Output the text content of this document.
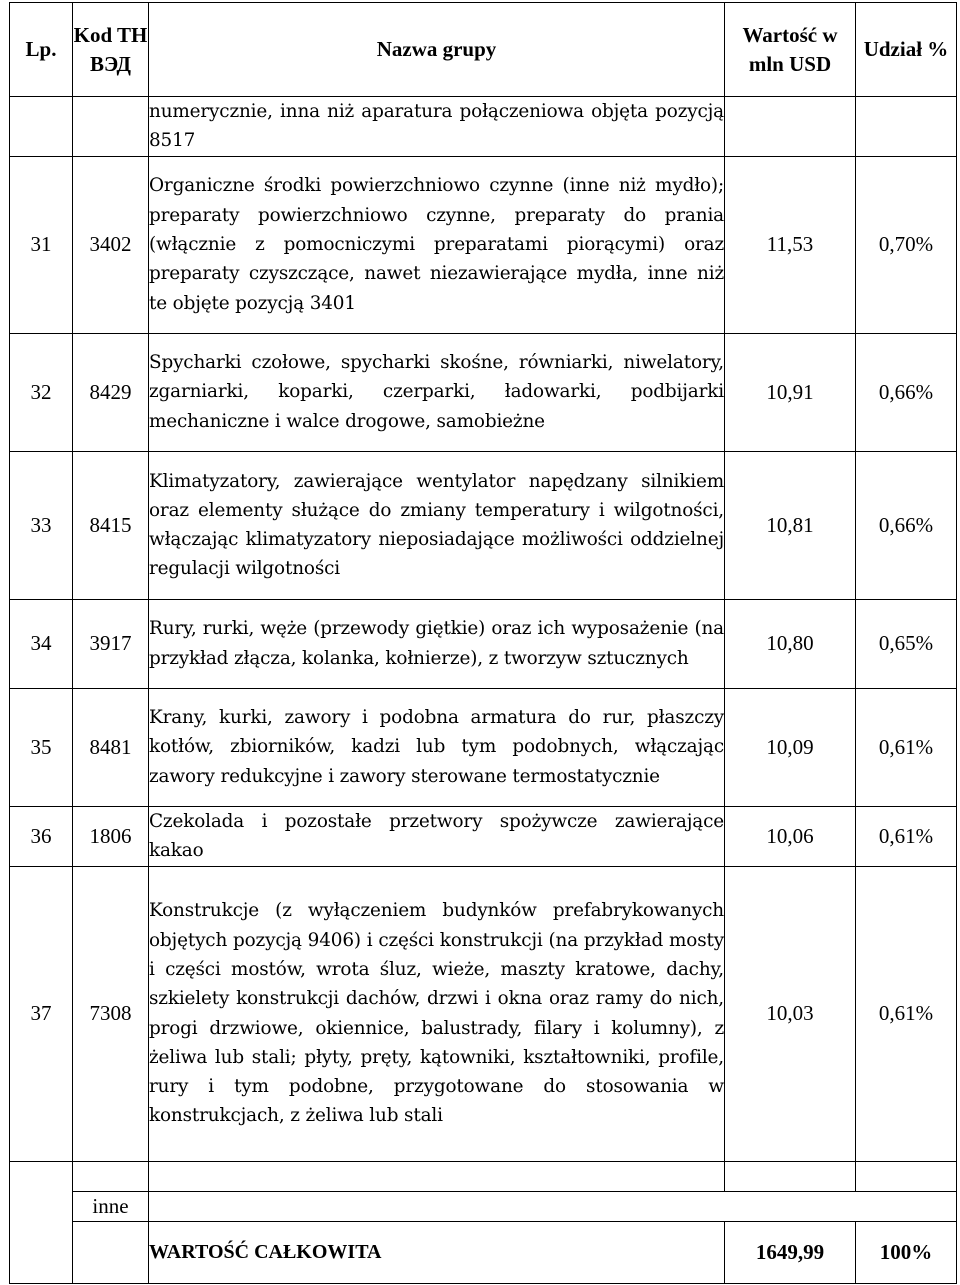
Lp.	Kod TH ВЭД	Nazwa grupy	Wartość w mln USD	Udział %
		numerycznie, inna niż aparatura połączeniowa objęta pozycją 8517		
31	3402	Organiczne środki powierzchniowo czynne (inne niż mydło); preparaty powierzchniowo czynne, preparaty do prania (włącznie z pomocniczymi preparatami piorącymi) oraz preparaty czyszczące, nawet niezawierające mydła, inne niż te objęte pozycją 3401	11,53	0,70%
32	8429	Spycharki czołowe, spycharki skośne, równiarki, niwelatory, zgarniarki, koparki, czerparki, ładowarki, podbijarki mechaniczne i walce drogowe, samobieżne	10,91	0,66%
33	8415	Klimatyzatory, zawierające wentylator napędzany silnikiem oraz elementy służące do zmiany temperatury i wilgotności, włączając klimatyzatory nieposiadające możliwości oddzielnej regulacji wilgotności	10,81	0,66%
34	3917	Rury, rurki, węże (przewody giętkie) oraz ich wyposażenie (na przykład złącza, kolanka, kołnierze), z tworzyw sztucznych	10,80	0,65%
35	8481	Krany, kurki, zawory i podobna armatura do rur, płaszczy kotłów, zbiorników, kadzi lub tym podobnych, włączając zawory redukcyjne i zawory sterowane termostatycznie	10,09	0,61%
36	1806	Czekolada i pozostałe przetwory spożywcze zawierające kakao	10,06	0,61%
37	7308	Konstrukcje (z wyłączeniem budynków prefabrykowanych objętych pozycją 9406) i części konstrukcji (na przykład mosty i części mostów, wrota śluz, wieże, maszty kratowe, dachy, szkielety konstrukcji dachów, drzwi i okna oraz ramy do nich, progi drzwiowe, okiennice, balustrady, filary i kolumny), z żeliwa lub stali; płyty, pręty, kątowniki, kształtowniki, profile, rury i tym podobne, przygotowane do stosowania w konstrukcjach, z żeliwa lub stali	10,03	0,61%

	inne			
		WARTOŚĆ CAŁKOWITA	1649,99	100%
